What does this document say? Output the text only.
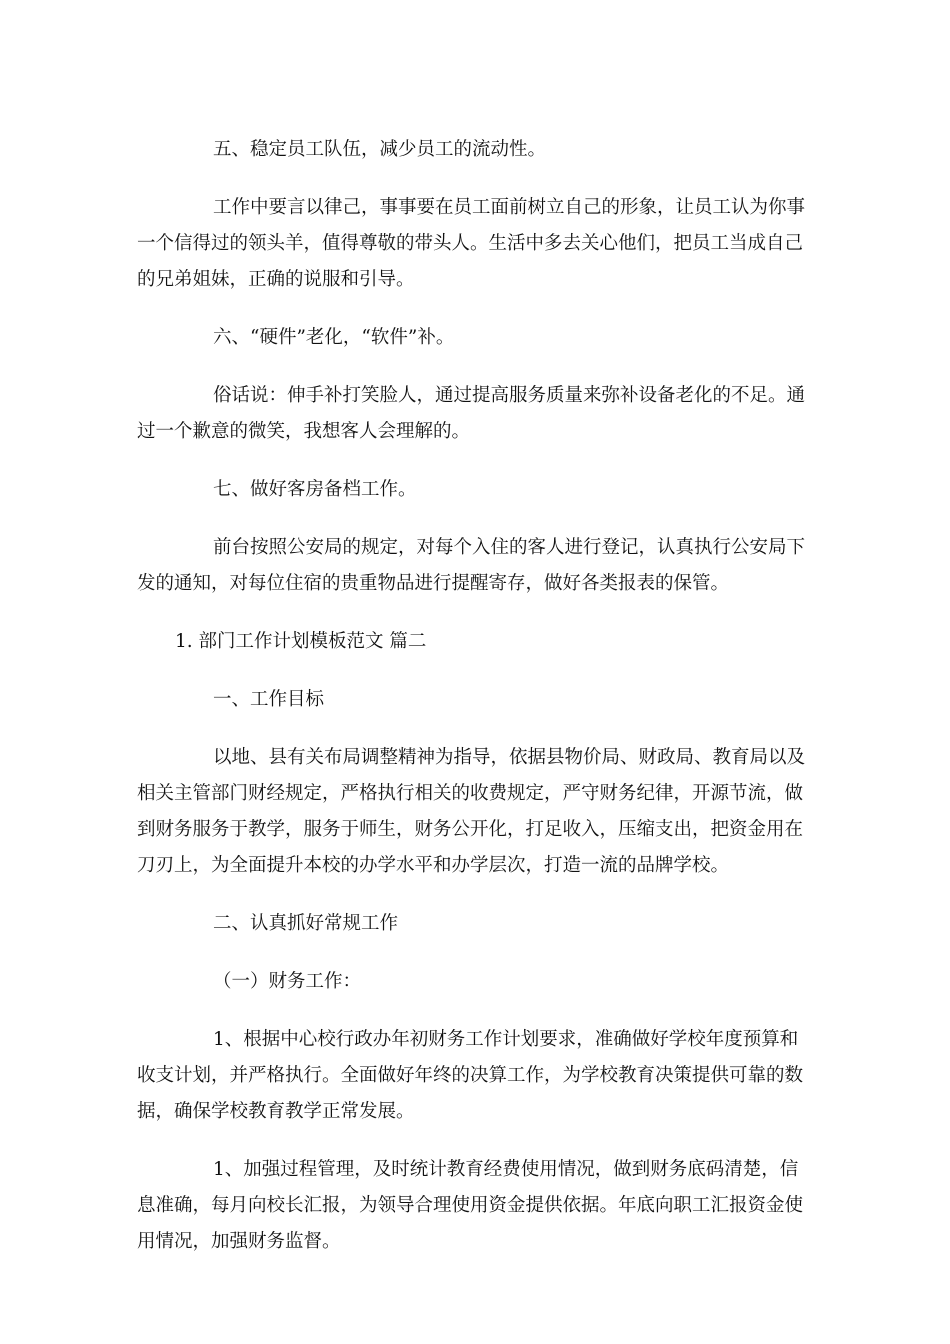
五、稳定员工队伍，减少员工的流动性。

工作中要言以律己，事事要在员工面前树立自己的形象，让员工认为你事一个信得过的领头羊，值得尊敬的带头人。生活中多去关心他们，把员工当成自己的兄弟姐妹，正确的说服和引导。

六、“硬件”老化，“软件”补。

俗话说：伸手补打笑脸人，通过提高服务质量来弥补设备老化的不足。通过一个歉意的微笑，我想客人会理解的。

七、做好客房备档工作。

前台按照公安局的规定，对每个入住的客人进行登记，认真执行公安局下发的通知，对每位住宿的贵重物品进行提醒寄存，做好各类报表的保管。

1. 部门工作计划模板范文 篇二

一、工作目标

以地、县有关布局调整精神为指导，依据县物价局、财政局、教育局以及相关主管部门财经规定，严格执行相关的收费规定，严守财务纪律，开源节流，做到财务服务于教学，服务于师生，财务公开化，打足收入，压缩支出，把资金用在刀刃上，为全面提升本校的办学水平和办学层次，打造一流的品牌学校。

二、认真抓好常规工作

（一）财务工作：

1、根据中心校行政办年初财务工作计划要求，准确做好学校年度预算和收支计划，并严格执行。全面做好年终的决算工作，为学校教育决策提供可靠的数据，确保学校教育教学正常发展。

1、加强过程管理，及时统计教育经费使用情况，做到财务底码清楚，信息准确，每月向校长汇报，为领导合理使用资金提供依据。年底向职工汇报资金使用情况，加强财务监督。
